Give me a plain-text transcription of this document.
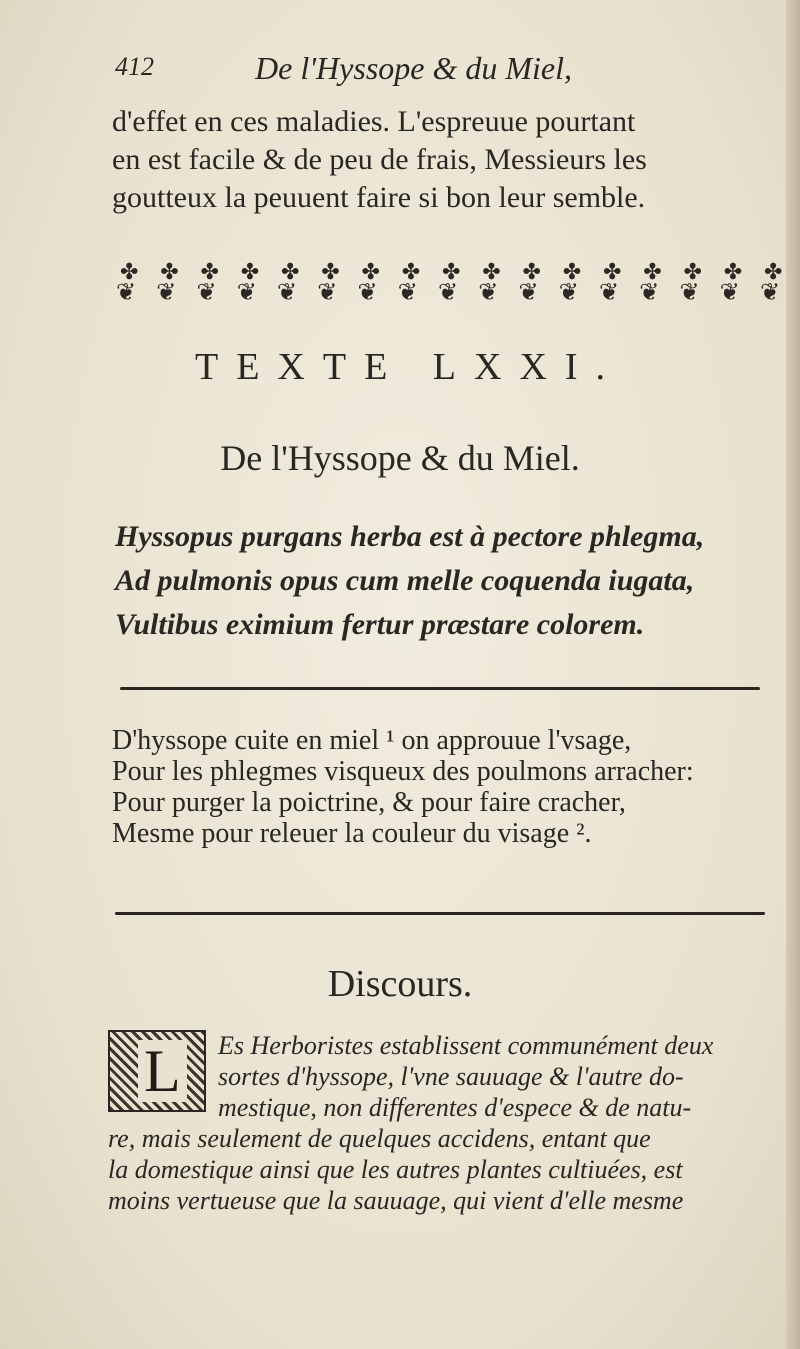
412	De l'Hyssope & du Miel,

d'effet en ces maladies. L'espreuue pourtant
en est facile & de peu de frais, Messieurs les
goutteux la peuuent faire si bon leur semble.

✤ ❦
✤ ❦
✤ ❦
✤ ❦
✤ ❦
✤ ❦
✤ ❦
✤ ❦
✤ ❦
✤ ❦
✤ ❦
✤ ❦
✤ ❦
✤ ❦
✤ ❦
✤ ❦
✤ ❦
TEXTE LXXI.
De l'Hyssope & du Miel.

Hyssopus purgans herba est à pectore phlegma,
Ad pulmonis opus cum melle coquenda iugata,
Vultibus eximium fertur præstare colorem.

D'hyssope cuite en miel ¹ on approuue l'vsage,
Pour les phlegmes visqueux des poulmons arracher:
Pour purger la poictrine, & pour faire cracher,
Mesme pour releuer la couleur du visage ².

Discours.

Es Herboristes establissent communément deux
sortes d'hyssope, l'vne sauuage & l'autre do-
mestique, non differentes d'espece & de natu-
re, mais seulement de quelques accidens, entant que
la domestique ainsi que les autres plantes cultiuées, est
moins vertueuse que la sauuage, qui vient d'elle mesme

L
